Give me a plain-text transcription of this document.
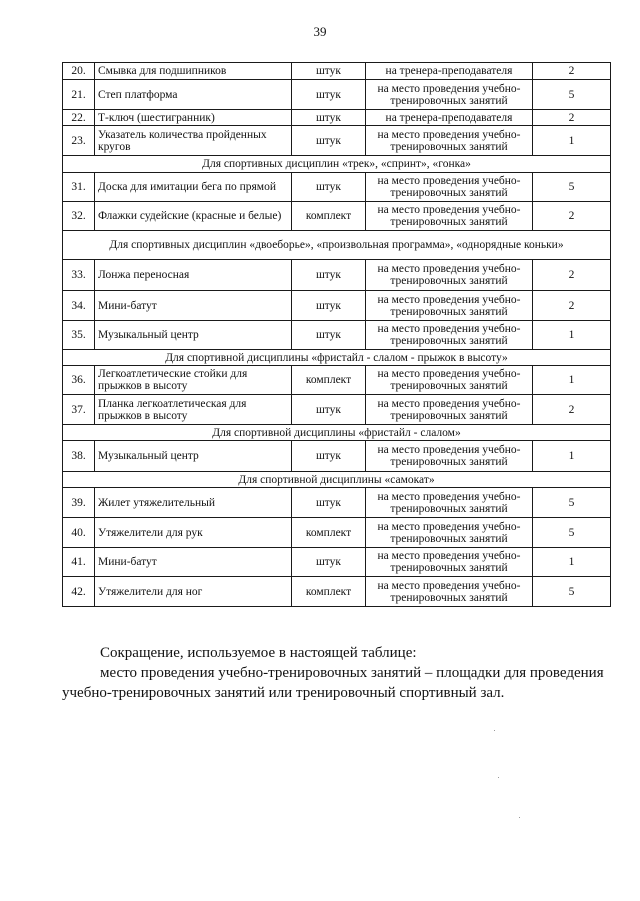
39
20.	Смывка для подшипников	штук	на тренера-преподавателя	2
21.	Степ платформа	штук	на место проведения учебно-тренировочных занятий	5
22.	Т-ключ (шестигранник)	штук	на тренера-преподавателя	2
23.	Указатель количества пройденных кругов	штук	на место проведения учебно-тренировочных занятий	1
Для спортивных дисциплин «трек», «спринт», «гонка»				
31.	Доска для имитации бега по прямой	штук	на место проведения учебно-тренировочных занятий	5
32.	Флажки судейские (красные и белые)	комплект	на место проведения учебно-тренировочных занятий	2
Для спортивных дисциплин «двоеборье», «произвольная программа», «однорядные коньки»				
33.	Лонжа переносная	штук	на место проведения учебно-тренировочных занятий	2
34.	Мини-батут	штук	на место проведения учебно-тренировочных занятий	2
35.	Музыкальный центр	штук	на место проведения учебно-тренировочных занятий	1
Для спортивной дисциплины «фристайл - слалом - прыжок в высоту»				
36.	Легкоатлетические стойки для прыжков в высоту	комплект	на место проведения учебно-тренировочных занятий	1
37.	Планка легкоатлетическая для прыжков в высоту	штук	на место проведения учебно-тренировочных занятий	2
Для спортивной дисциплины «фристайл - слалом»				
38.	Музыкальный центр	штук	на место проведения учебно-тренировочных занятий	1
Для спортивной дисциплины «самокат»				
39.	Жилет утяжелительный	штук	на место проведения учебно-тренировочных занятий	5
40.	Утяжелители для рук	комплект	на место проведения учебно-тренировочных занятий	5
41.	Мини-батут	штук	на место проведения учебно-тренировочных занятий	1
42.	Утяжелители для ног	комплект	на место проведения учебно-тренировочных занятий	5
Сокращение, используемое в настоящей таблице:
место проведения учебно-тренировочных занятий – площадки для проведения учебно-тренировочных занятий или тренировочный спортивный зал.
